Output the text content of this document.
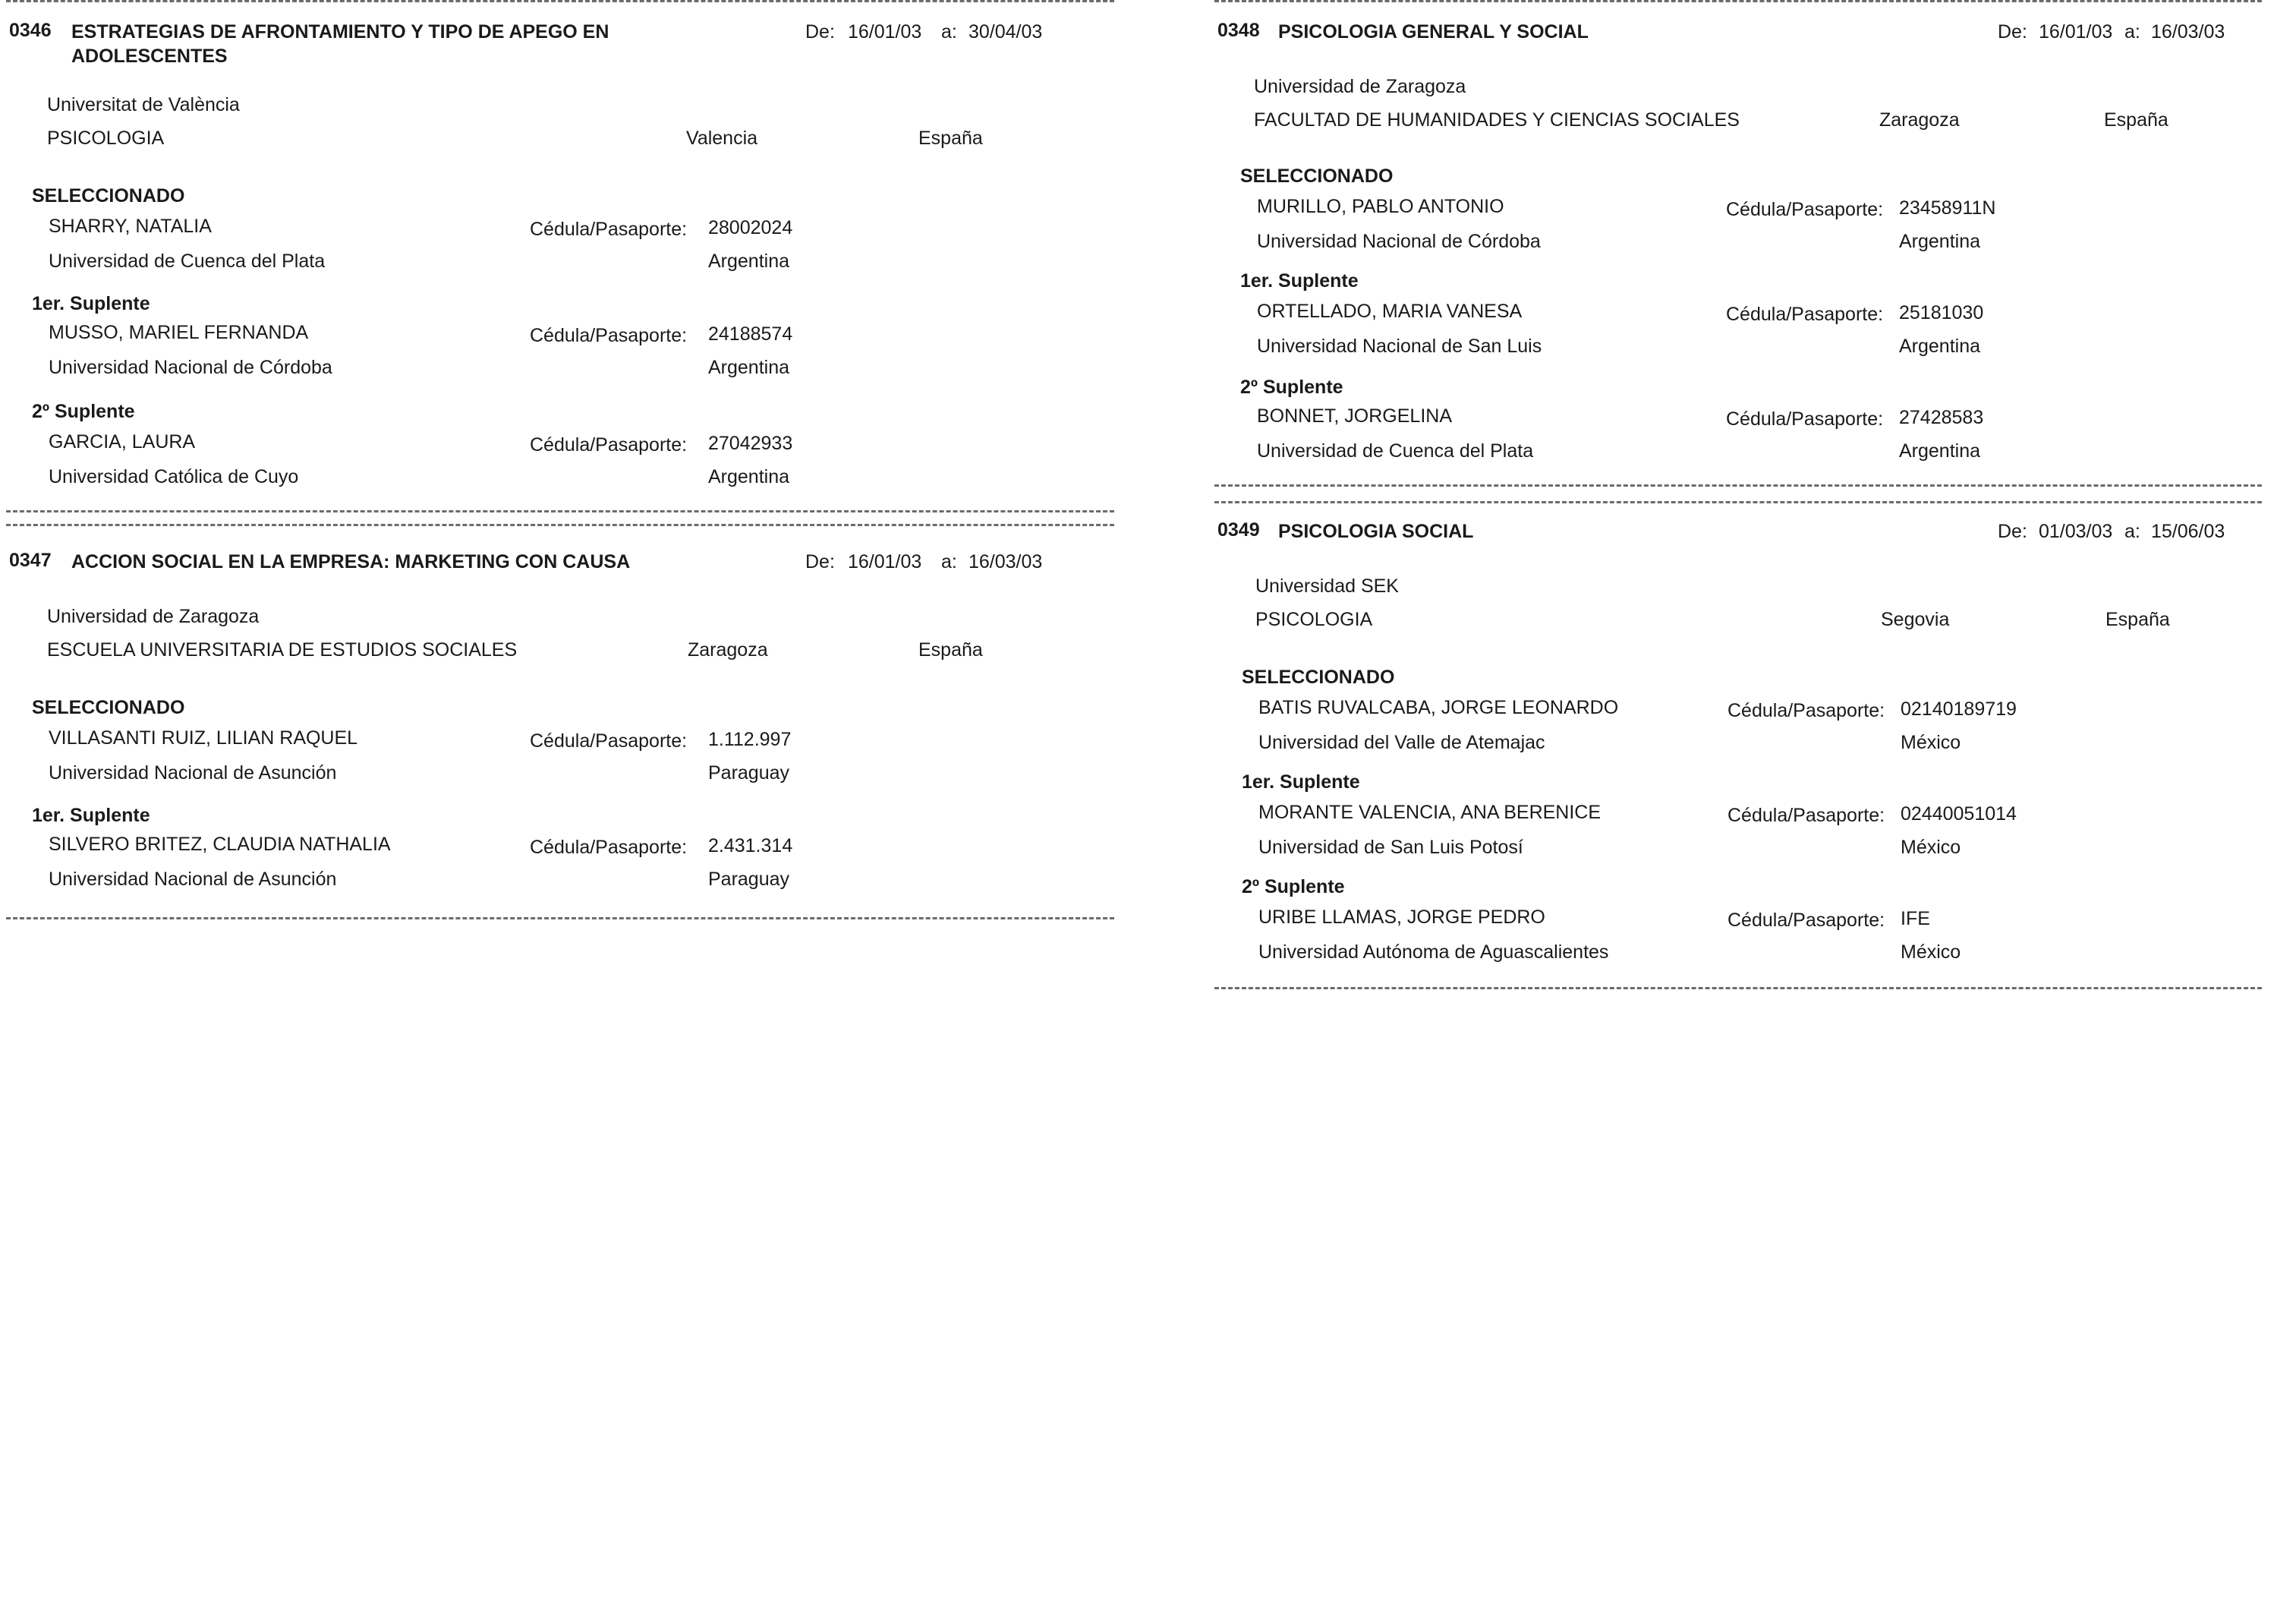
0346 ESTRATEGIAS DE AFRONTAMIENTO Y TIPO DE APEGO EN ADOLESCENTES
De: 16/01/03 a: 30/04/03
Universitat de València
PSICOLOGIA	Valencia	España
SELECCIONADO
SHARRY, NATALIA	Cédula/Pasaporte: 28002024
Universidad de Cuenca del Plata	Argentina
1er. Suplente
MUSSO, MARIEL FERNANDA	Cédula/Pasaporte: 24188574
Universidad Nacional de Córdoba	Argentina
2º Suplente
GARCIA, LAURA	Cédula/Pasaporte: 27042933
Universidad Católica de Cuyo	Argentina
0347 ACCION SOCIAL EN LA EMPRESA: MARKETING CON CAUSA	De: 16/01/03 a: 16/03/03
Universidad de Zaragoza
ESCUELA UNIVERSITARIA DE ESTUDIOS SOCIALES	Zaragoza	España
SELECCIONADO
VILLASANTI RUIZ, LILIAN RAQUEL	Cédula/Pasaporte: 1.112.997
Universidad Nacional de Asunción	Paraguay
1er. Suplente
SILVERO BRITEZ, CLAUDIA NATHALIA	Cédula/Pasaporte: 2.431.314
Universidad Nacional de Asunción	Paraguay
0348 PSICOLOGIA GENERAL Y SOCIAL	De: 16/01/03 a: 16/03/03
Universidad de Zaragoza
FACULTAD DE HUMANIDADES Y CIENCIAS SOCIALES	Zaragoza	España
SELECCIONADO
MURILLO, PABLO ANTONIO	Cédula/Pasaporte: 23458911N
Universidad Nacional de Córdoba	Argentina
1er. Suplente
ORTELLADO, MARIA VANESA	Cédula/Pasaporte: 25181030
Universidad Nacional de San Luis	Argentina
2º Suplente
BONNET, JORGELINA	Cédula/Pasaporte: 27428583
Universidad de Cuenca del Plata	Argentina
0349 PSICOLOGIA SOCIAL	De: 01/03/03 a: 15/06/03
Universidad SEK
PSICOLOGIA	Segovia	España
SELECCIONADO
BATIS RUVALCABA, JORGE LEONARDO	Cédula/Pasaporte: 02140189719
Universidad del Valle de Atemajac	México
1er. Suplente
MORANTE VALENCIA, ANA BERENICE	Cédula/Pasaporte: 02440051014
Universidad de San Luis Potosí	México
2º Suplente
URIBE LLAMAS, JORGE PEDRO	Cédula/Pasaporte: IFE
Universidad Autónoma de Aguascalientes	México
